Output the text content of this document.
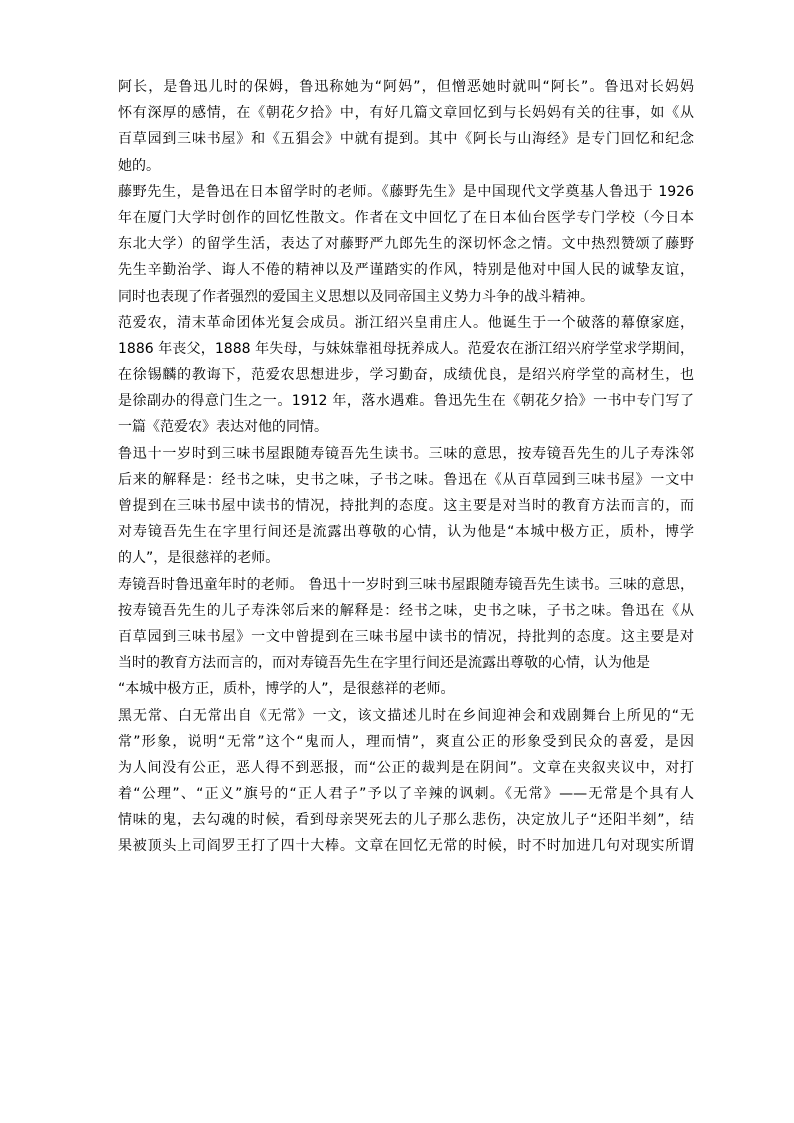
阿长，是鲁迅儿时的保姆，鲁迅称她为“阿妈”，但憎恶她时就叫“阿长”。鲁迅对长妈妈
怀有深厚的感情，在《朝花夕拾》中，有好几篇文章回忆到与长妈妈有关的往事，如《从
百草园到三味书屋》和《五猖会》中就有提到。其中《阿长与山海经》是专门回忆和纪念
她的。
藤野先生，是鲁迅在日本留学时的老师。《藤野先生》是中国现代文学奠基人鲁迅于 1926
年在厦门大学时创作的回忆性散文。作者在文中回忆了在日本仙台医学专门学校（今日本
东北大学）的留学生活，表达了对藤野严九郎先生的深切怀念之情。文中热烈赞颂了藤野
先生辛勤治学、诲人不倦的精神以及严谨踏实的作风，特别是他对中国人民的诚挚友谊，
同时也表现了作者强烈的爱国主义思想以及同帝国主义势力斗争的战斗精神。
范爱农，清末革命团体光复会成员。浙江绍兴皇甫庄人。他诞生于一个破落的幕僚家庭，
1886 年丧父，1888 年失母，与妹妹靠祖母抚养成人。范爱农在浙江绍兴府学堂求学期间，
在徐锡麟的教诲下，范爱农思想进步，学习勤奋，成绩优良，是绍兴府学堂的高材生，也
是徐副办的得意门生之一。1912 年，落水遇难。鲁迅先生在《朝花夕拾》一书中专门写了
一篇《范爱农》表达对他的同情。
鲁迅十一岁时到三味书屋跟随寿镜吾先生读书。三味的意思，按寿镜吾先生的儿子寿洙邻
后来的解释是：经书之味，史书之味，子书之味。鲁迅在《从百草园到三味书屋》一文中
曾提到在三味书屋中读书的情况，持批判的态度。这主要是对当时的教育方法而言的，而
对寿镜吾先生在字里行间还是流露出尊敬的心情，认为他是“本城中极方正，质朴，博学
的人”，是很慈祥的老师。
寿镜吾时鲁迅童年时的老师。 鲁迅十一岁时到三味书屋跟随寿镜吾先生读书。三味的意思，
按寿镜吾先生的儿子寿洙邻后来的解释是：经书之味，史书之味，子书之味。鲁迅在《从
百草园到三味书屋》一文中曾提到在三味书屋中读书的情况，持批判的态度。这主要是对
当时的教育方法而言的，而对寿镜吾先生在字里行间还是流露出尊敬的心情，认为他是
“本城中极方正，质朴，博学的人”，是很慈祥的老师。
黑无常、白无常出自《无常》一文，该文描述儿时在乡间迎神会和戏剧舞台上所见的“无
常”形象，说明“无常”这个“鬼而人，理而情”，爽直公正的形象受到民众的喜爱，是因
为人间没有公正，恶人得不到恶报，而“公正的裁判是在阴间”。文章在夹叙夹议中，对打
着“公理”、“正义”旗号的“正人君子”予以了辛辣的讽刺。《无常》——无常是个具有人
情味的鬼，去勾魂的时候，看到母亲哭死去的儿子那么悲伤，决定放儿子“还阳半刻”，结
果被顶头上司阎罗王打了四十大棒。文章在回忆无常的时候，时不时加进几句对现实所谓
